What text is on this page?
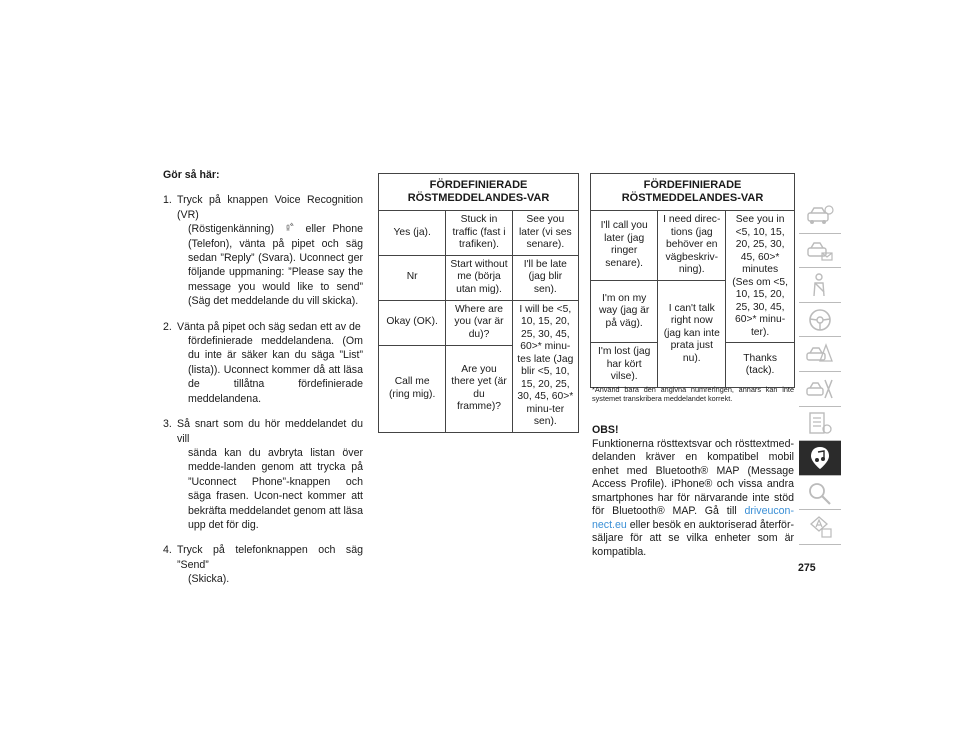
Gör så här:
1. Tryck på knappen Voice Recognition (VR)
(Röstigenkänning)	eller Phone (Telefon), vänta på pipet och säg sedan ”Reply” (Svara). Uconnect ger följande uppmaning: ”Please say the message you would like to send” (Säg det meddelande du vill skicka).
2. Vänta på pipet och säg sedan ett av de
fördefinierade meddelandena. (Om du inte är säker kan du säga ”List” (lista)). Uconnect kommer då att läsa de tillåtna fördefinierade meddelandena.
3. Så snart som du hör meddelandet du vill
sända kan du avbryta listan över medde-landen genom att trycka på ”Uconnect Phone”-knappen och säga frasen. Ucon-nect kommer att bekräfta meddelandet genom att läsa upp det för dig.
4. Tryck på telefonknappen och säg ”Send”
(Skicka).
FÖRDEFINIERADE RÖSTMEDDELANDES-VAR		
Yes (ja).	Stuck in traffic (fast i trafiken).	See you later (vi ses senare).
Nr	Start without me (börja utan mig).	I'll be late (jag blir sen).
Okay (OK).	Where are you (var är du)?	I will be <5, 10, 15, 20, 25, 30, 45, 60>* minu-tes late (Jag blir <5, 10, 15, 20, 25, 30, 45, 60>* minu-ter sen).
Call me (ring mig).	Are you there yet (är du framme)?	
FÖRDEFINIERADE RÖSTMEDDELANDES-VAR		
I'll call you later (jag ringer senare).	I need direc-tions (jag behöver en vägbeskriv-ning).	See you in <5, 10, 15, 20, 25, 30, 45, 60>* minutes (Ses om <5, 10, 15, 20, 25, 30, 45, 60>* minu-ter).
I'm on my way (jag är på väg).	I can't talk right now (jag kan inte prata just nu).	
I'm lost (jag har kört vilse).		Thanks (tack).
*Använd bara den angivna numreringen, annars kan inte systemet transkribera meddelandet korrekt.
OBS!
Funktionerna rösttextsvar och rösttextmed-delanden kräver en kompatibel mobil enhet med Bluetooth® MAP (Message Access Profile). iPhone® och vissa andra smartphones har för närvarande inte stöd för Bluetooth® MAP. Gå till driveucon-nect.eu eller besök en auktoriserad återför-säljare för att se vilka enheter som är kompatibla.
275
